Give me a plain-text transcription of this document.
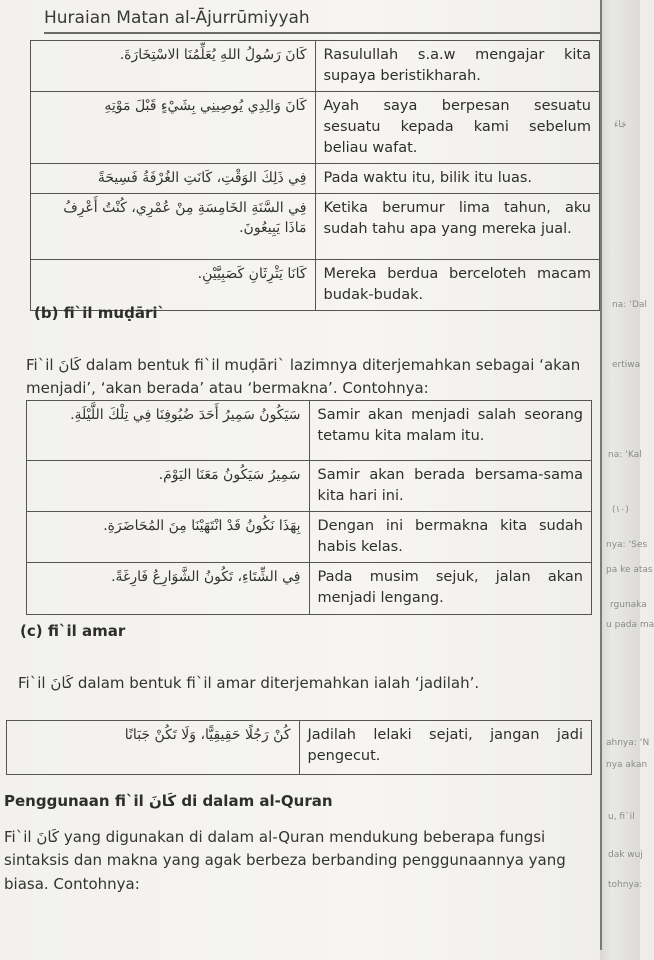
جَاءَ
na: ‘Dal
ertiwa
na: ‘Kal
(١٠)
nya: ‘Ses
pa ke atas
rgunaka
u pada ma
ahnya: ‘N
nya akan
u, fi`il
dak wuj
tohnya:
Huraian Matan al-Ājurrūmiyyah
كَانَ رَسُولُ اللهِ يُعَلِّمُنَا الاسْتِخَارَةَ.	Rasulullah s.a.w mengajar kita supaya beristikharah.
كَانَ وَالِدِي يُوصِينِي بِشَيْءٍ قَبْلَ مَوْتِهِ	Ayah saya berpesan sesuatu sesuatu kepada kami sebelum beliau wafat.
فِي ذَلِكَ الوَقْتِ، كَانَتِ الغُرْفَةُ فَسِيحَةً	Pada waktu itu, bilik itu luas.
فِي السَّنَةِ الخَامِسَةِ مِنْ عُمْرِي، كُنْتُ أَعْرِفُ مَاذَا يَبِيعُونَ.	Ketika berumur lima tahun, aku sudah tahu apa yang mereka jual.
كَانَا يَثْرِثَانِ كَصَبِيَّيْنِ.	Mereka berdua berceloteh macam budak-budak.
(b) fi`il muḍāri`
Fi`il كَانَ dalam bentuk fi`il muḍāri` lazimnya diterjemahkan sebagai ‘akan menjadi’, ‘akan berada’ atau ‘bermakna’. Contohnya:
سَيَكُونُ سَمِيرُ أَحَدَ ضُيُوفِنَا فِي تِلْكَ اللَّيْلَةِ.	Samir akan menjadi salah seorang tetamu kita malam itu.
سَمِيرُ سَيَكُونُ مَعَنَا اليَوْمَ.	Samir akan berada bersama-sama kita hari ini.
بِهَذَا نَكُونُ قَدْ انْتَهَيْنَا مِنَ المُحَاضَرَةِ.	Dengan ini bermakna kita sudah habis kelas.
فِي الشِّتَاءِ، تَكُونُ الشَّوَارِعُ فَارِغَةً.	Pada musim sejuk, jalan akan menjadi lengang.
(c) fi`il amar
Fi`il كَانَ dalam bentuk fi`il amar diterjemahkan ialah ‘jadilah’.
كُنْ رَجُلًا حَقِيقِيًّا، وَلَا تَكُنْ جَبَانًا	Jadilah lelaki sejati, jangan jadi pengecut.
Penggunaan fi`il كَانَ di dalam al-Quran
Fi`il كَانَ yang digunakan di dalam al-Quran mendukung beberapa fungsi sintaksis dan makna yang agak berbeza berbanding penggunaannya yang biasa. Contohnya:
